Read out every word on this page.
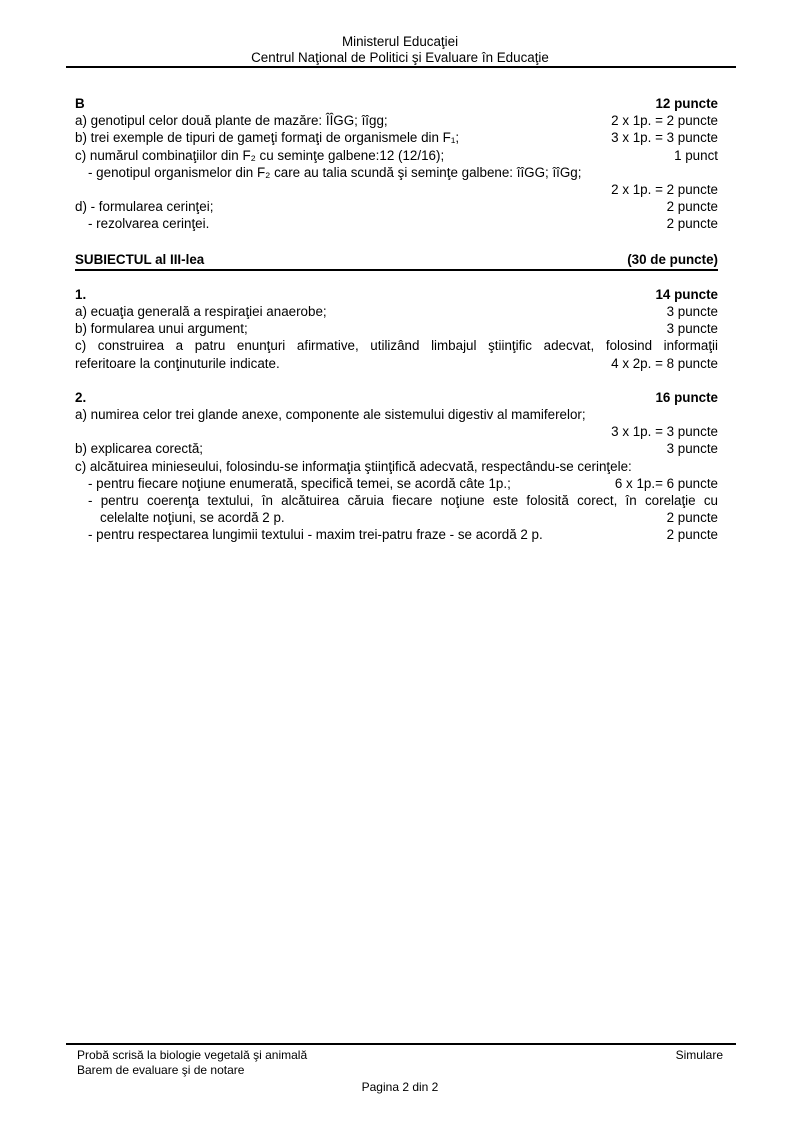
Ministerul Educaţiei
Centrul Naţional de Politici şi Evaluare în Educaţie
B	12 puncte
a) genotipul celor două plante de mazăre: ÎÎGG; îîgg;	2 x 1p. = 2 puncte
b) trei exemple de tipuri de gameţi formaţi de organismele din F₁;	3 x 1p. = 3 puncte
c) numărul combinaţiilor din F₂ cu seminţe galbene:12 (12/16);	1 punct
- genotipul organismelor din F₂ care au talia scundă şi seminţe galbene: îîGG; îîGg;
2 x 1p. = 2 puncte
d) - formularea cerinţei;	2 puncte
- rezolvarea cerinţei.	2 puncte
SUBIECTUL al III-lea	(30 de puncte)
1.	14 puncte
a) ecuaţia generală a respiraţiei anaerobe;	3 puncte
b) formularea unui argument;	3 puncte
c) construirea a patru enunţuri afirmative, utilizând limbajul ştiinţific adecvat, folosind informaţii
referitoare la conţinuturile indicate.	4 x 2p. = 8 puncte
2.	16 puncte
a) numirea celor trei glande anexe, componente ale sistemului digestiv al mamiferelor;
3 x 1p. = 3 puncte
b) explicarea corectă;	3 puncte
c) alcătuirea minieseului, folosindu-se informaţia ştiinţifică adecvată, respectându-se cerinţele:
- pentru fiecare noţiune enumerată, specifică temei, se acordă câte 1p.;	6 x 1p.= 6 puncte
- pentru coerenţa textului, în alcătuirea căruia fiecare noţiune este folosită corect, în corelaţie cu
celelalte noţiuni, se acordă 2 p.	2 puncte
- pentru respectarea lungimii textului - maxim trei-patru fraze - se acordă 2 p.	2 puncte
Probă scrisă la biologie vegetală şi animală	Simulare
Barem de evaluare şi de notare
Pagina 2 din 2
